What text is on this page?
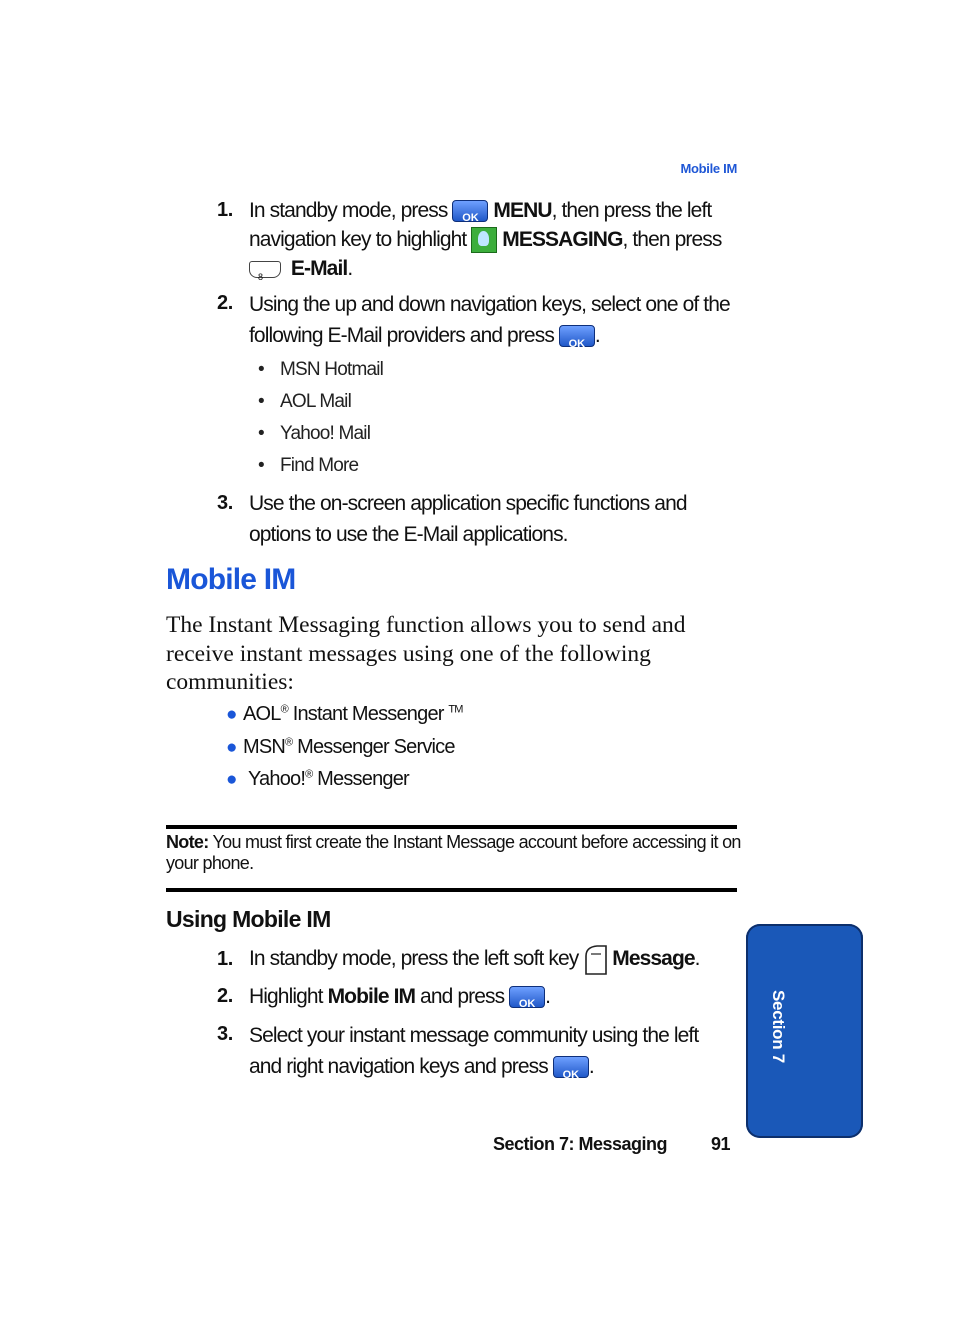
Mobile IM
1. In standby mode, press	OK MENU, then press the left
navigation key to highlight MESSAGING, then press
8 E-Mail.
2. Using the up and down navigation keys, select one of the
following E-Mail providers and press	OK .
• MSN Hotmail
• AOL Mail
• Yahoo! Mail
• Find More
3. Use the on-screen application specific functions and
options to use the E-Mail applications.
Mobile IM
The Instant Messaging function allows you to send and receive instant messages using one of the following communities:
● AOL® Instant Messenger ™
● MSN® Messenger Service
● Yahoo!® Messenger
Note: You must first create the Instant Message account before accessing it on your phone.
Using Mobile IM
1. In standby mode, press the left soft key Message.
2. Highlight Mobile IM and press	OK .
3. Select your instant message community using the left
and right navigation keys and press	OK .
Section 7
Section 7: Messaging 91
